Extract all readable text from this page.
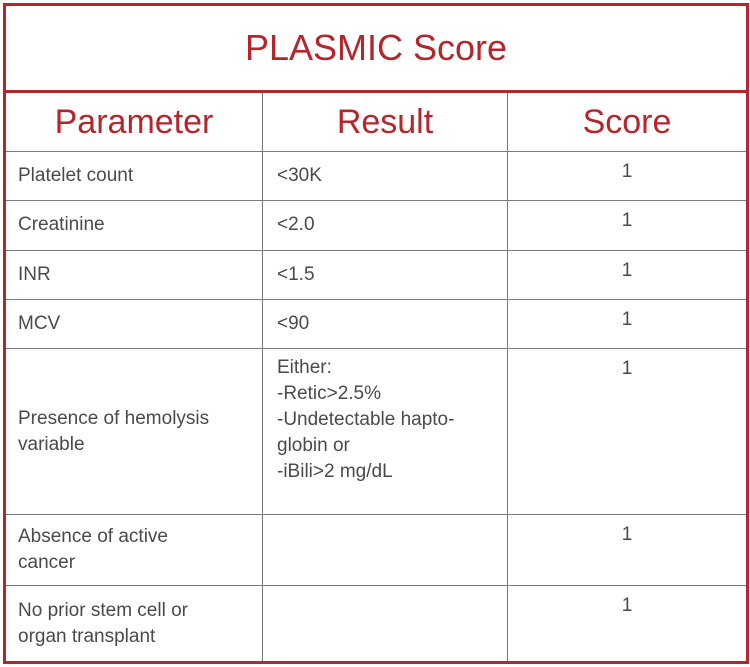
PLASMIC Score		
Parameter	Result	Score
Platelet count	<30K	1
Creatinine	<2.0	1
INR	<1.5	1
MCV	<90	1

Presence of hemolysis
variable	Either:
-Retic>2.5%
-Undetectable hapto-
globin or
-iBili>2 mg/dL	1

Absence of active
cancer		1

No prior stem cell or
organ transplant		1
